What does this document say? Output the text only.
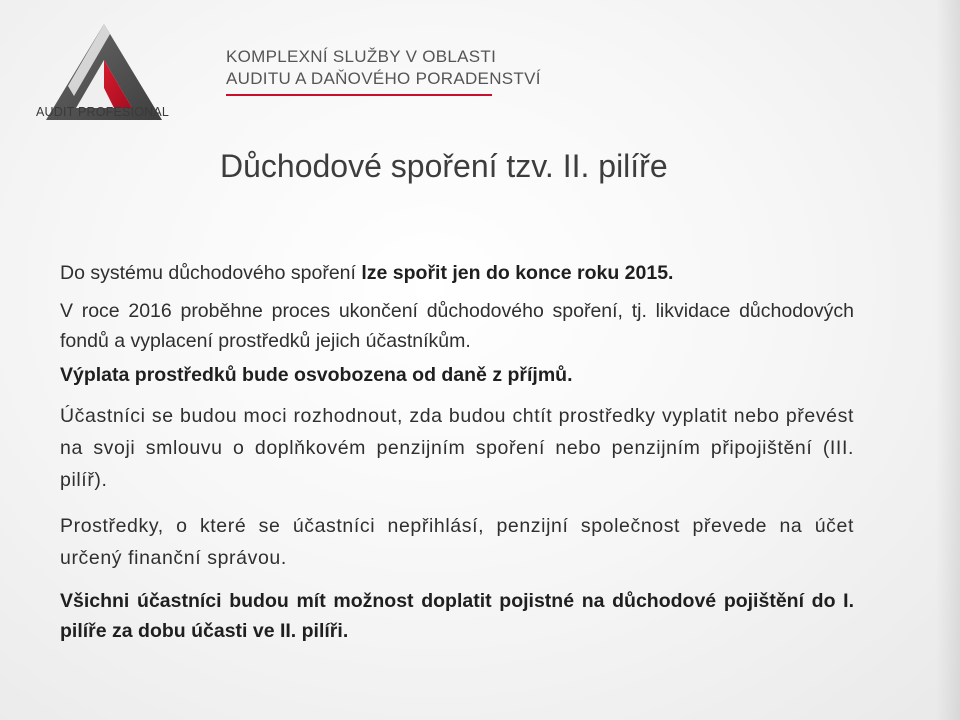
AUDIT PROFESIONAL
KOMPLEXNÍ SLUŽBY V OBLASTI
AUDITU A DAŇOVÉHO PORADENSTVÍ
Důchodové spoření tzv. II. pilíře

Do systému důchodového spoření lze spořit jen do konce roku 2015.

V roce 2016 proběhne proces ukončení důchodového spoření, tj. likvidace důchodových fondů a vyplacení prostředků jejich účastníkům.

Výplata prostředků bude osvobozena od daně z příjmů.

Účastníci se budou moci rozhodnout, zda budou chtít prostředky vyplatit nebo převést na svoji smlouvu o doplňkovém penzijním spoření nebo penzijním připojištění (III. pilíř).

Prostředky, o které se účastníci nepřihlásí, penzijní společnost převede na účet určený finanční správou.

Všichni účastníci budou mít možnost doplatit pojistné na důchodové pojištění do I. pilíře za dobu účasti ve II. pilíři.
